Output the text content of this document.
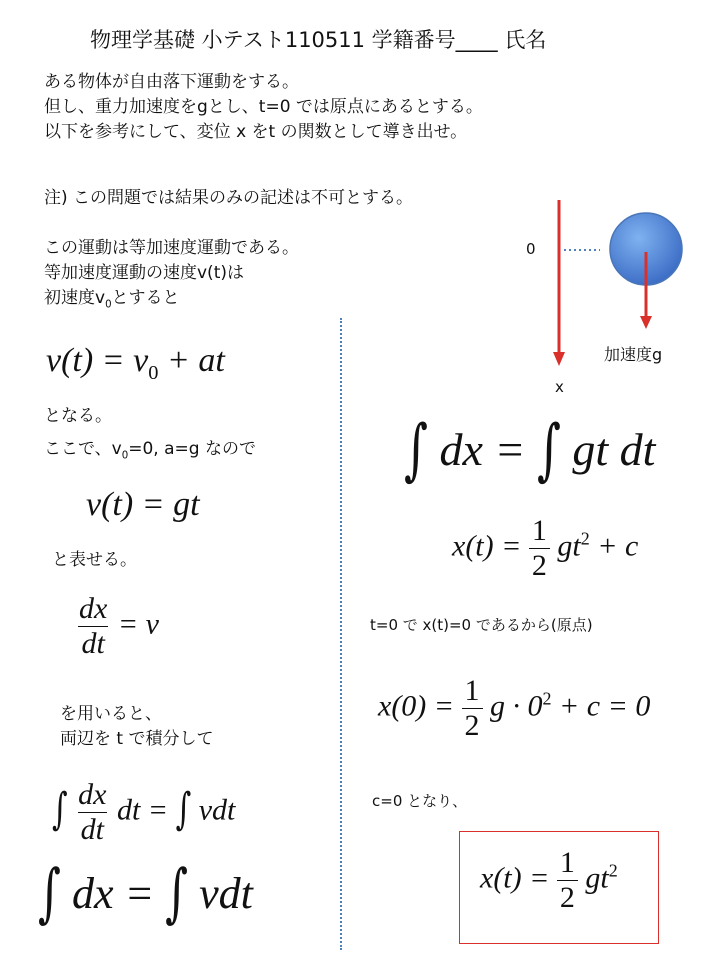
物理学基礎 小テスト110511 学籍番号____ 氏名
ある物体が自由落下運動をする。
但し、重力加速度をgとし、t=0 では原点にあるとする。
以下を参考にして、変位 x をt の関数として導き出せ。
注) この問題では結果のみの記述は不可とする。
この運動は等加速度運動である。
等加速度運動の速度v(t)は
初速度$v_0$とすると
$v(t) = v_0$ + at
となる。
ここで、$v_0=0$, a=g なので
v(t) = gt
と表せる。
$\frac{dx}{dt} = v$
を用いると、
両辺を t で積分して
∫ $\frac{dx}{dt}$ dt = ∫ vdt
∫ dx = ∫ vdt
0
x
加速度g
∫ dx = ∫ gt dt
$x(t) = \frac{1}{2} gt^2 + c$
t=0 で x(t)=0 であるから(原点)
$x(0) = \frac{1}{2}$ $g \cdot 0^2 + c = 0$
c=0 となり、
$x(t) = \frac{1}{2} gt^2$
